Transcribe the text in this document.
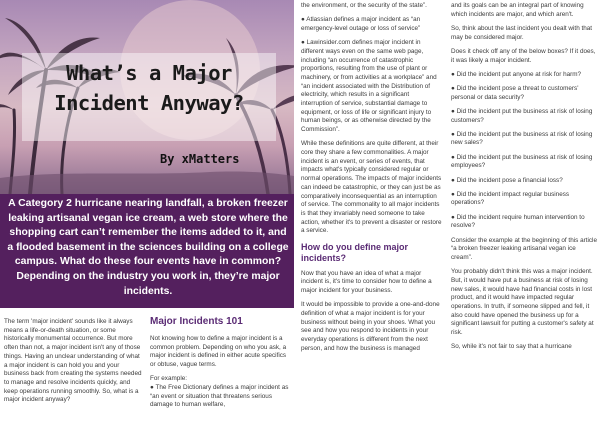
What’s a Major
Incident Anyway?
By xMatters
A Category 2 hurricane nearing landfall, a broken freezer leaking artisanal vegan ice cream, a web store where the shopping cart can’t remember the items added to it, and a flooded basement in the sciences building on a college campus. What do these four events have in common? Depending on the industry you work in, they’re major incidents.

The term 'major incident' sounds like it always means a life-or-death situation, or some historically monumental occurrence. But more often than not, a major incident isn't any of those things. Having an unclear understanding of what a major incident is can hold you and your business back from creating the systems needed to manage and resolve incidents quickly, and keep operations running smoothly. So, what is a major incident anyway?

Major Incidents 101

Not knowing how to define a major incident is a common problem. Depending on who you ask, a major incident is defined in either acute specifics or obtuse, vague terms.

For example:

● The Free Dictionary defines a major incident as “an event or situation that threatens serious damage to human welfare,

the environment, or the security of the state”.

● Atlassian defines a major incident as “an emergency-level outage or loss of service”

● Lawinsider.com defines major incident in different ways even on the same web page, including “an occurrence of catastrophic proportions, resulting from the use of plant or machinery, or from activities at a workplace” and “an incident associated with the Distribution of electricity, which results in a significant interruption of service, substantial damage to equipment, or loss of life or significant injury to human beings, or as otherwise directed by the Commission”.

While these definitions are quite different, at their core they share a few commonalities. A major incident is an event, or series of events, that impacts what's typically considered regular or normal operations. The impacts of major incidents can indeed be catastrophic, or they can just be as comparatively inconsequential as an interruption of service. The commonality to all major incidents is that they invariably need someone to take action, whether it's to prevent a disaster or restore a service.

How do you define major incidents?

Now that you have an idea of what a major incident is, it's time to consider how to define a major incident for your business.

It would be impossible to provide a one-and-done definition of what a major incident is for your business without being in your shoes. What you see and how you respond to incidents in your everyday operations is different from the next person, and how the business is managed

and its goals can be an integral part of knowing which incidents are major, and which aren't.

So, think about the last incident you dealt with that may be considered major.

Does it check off any of the below boxes? If it does, it was likely a major incident.

● Did the incident put anyone at risk for harm?

● Did the incident pose a threat to customers' personal or data security?

● Did the incident put the business at risk of losing customers?

● Did the incident put the business at risk of losing new sales?

● Did the incident put the business at risk of losing employees?

● Did the incident pose a financial loss?

● Did the incident impact regular business operations?

● Did the incident require human intervention to resolve?

Consider the example at the beginning of this article “a broken freezer leaking artisanal vegan ice cream”.

You probably didn't think this was a major incident. But, it would have put a business at risk of losing new sales, it would have had financial costs in lost product, and it would have impacted regular operations. In truth, if someone slipped and fell, it also could have opened the business up for a significant lawsuit for putting a customer's safety at risk.

So, while it's not fair to say that a hurricane
